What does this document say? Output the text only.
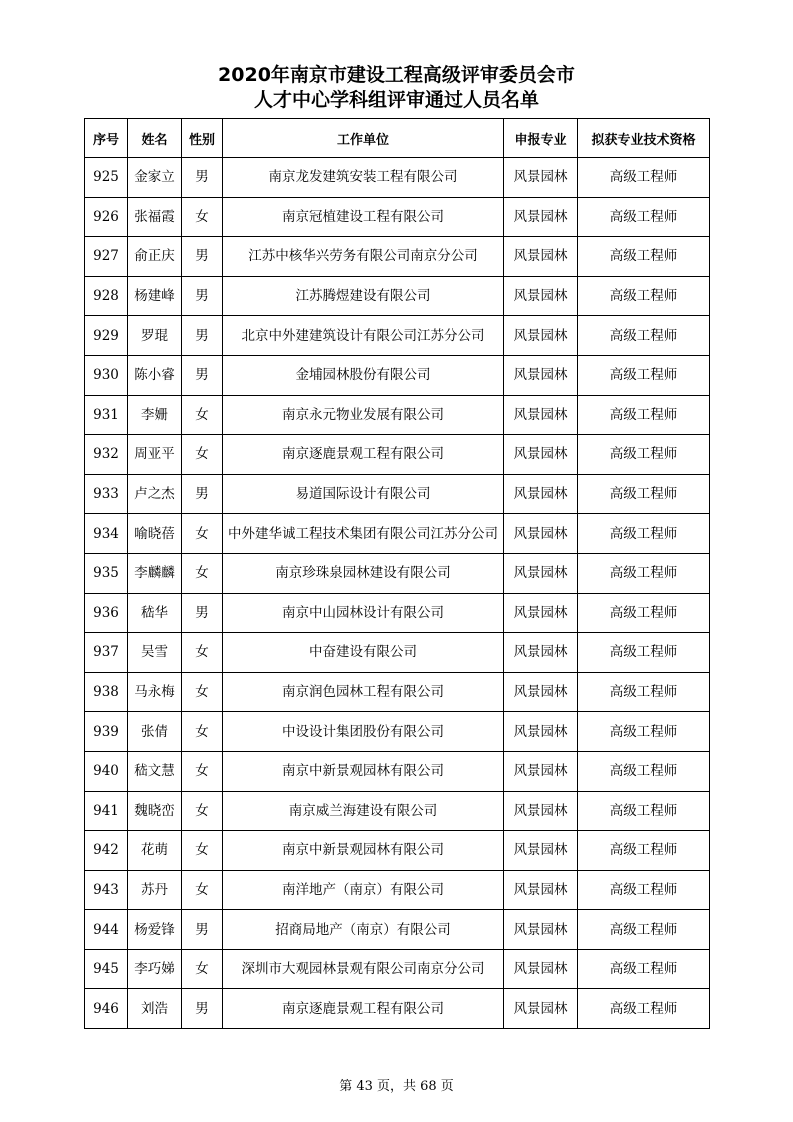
2020年南京市建设工程高级评审委员会市
人才中心学科组评审通过人员名单
序号	姓名	性别	工作单位	申报专业	拟获专业技术资格
925	金家立	男	南京龙发建筑安装工程有限公司	风景园林	高级工程师
926	张福霞	女	南京冠植建设工程有限公司	风景园林	高级工程师
927	俞正庆	男	江苏中核华兴劳务有限公司南京分公司	风景园林	高级工程师
928	杨建峰	男	江苏腾煜建设有限公司	风景园林	高级工程师
929	罗琨	男	北京中外建建筑设计有限公司江苏分公司	风景园林	高级工程师
930	陈小睿	男	金埔园林股份有限公司	风景园林	高级工程师
931	李姗	女	南京永元物业发展有限公司	风景园林	高级工程师
932	周亚平	女	南京逐鹿景观工程有限公司	风景园林	高级工程师
933	卢之杰	男	易道国际设计有限公司	风景园林	高级工程师
934	喻晓蓓	女	中外建华诚工程技术集团有限公司江苏分公司	风景园林	高级工程师
935	李麟麟	女	南京珍珠泉园林建设有限公司	风景园林	高级工程师
936	嵇华	男	南京中山园林设计有限公司	风景园林	高级工程师
937	吴雪	女	中奋建设有限公司	风景园林	高级工程师
938	马永梅	女	南京润色园林工程有限公司	风景园林	高级工程师
939	张倩	女	中设设计集团股份有限公司	风景园林	高级工程师
940	嵇文慧	女	南京中新景观园林有限公司	风景园林	高级工程师
941	魏晓峦	女	南京威兰海建设有限公司	风景园林	高级工程师
942	花萌	女	南京中新景观园林有限公司	风景园林	高级工程师
943	苏丹	女	南洋地产（南京）有限公司	风景园林	高级工程师
944	杨爱锋	男	招商局地产（南京）有限公司	风景园林	高级工程师
945	李巧娣	女	深圳市大观园林景观有限公司南京分公司	风景园林	高级工程师
946	刘浩	男	南京逐鹿景观工程有限公司	风景园林	高级工程师
第 43 页，共 68 页
